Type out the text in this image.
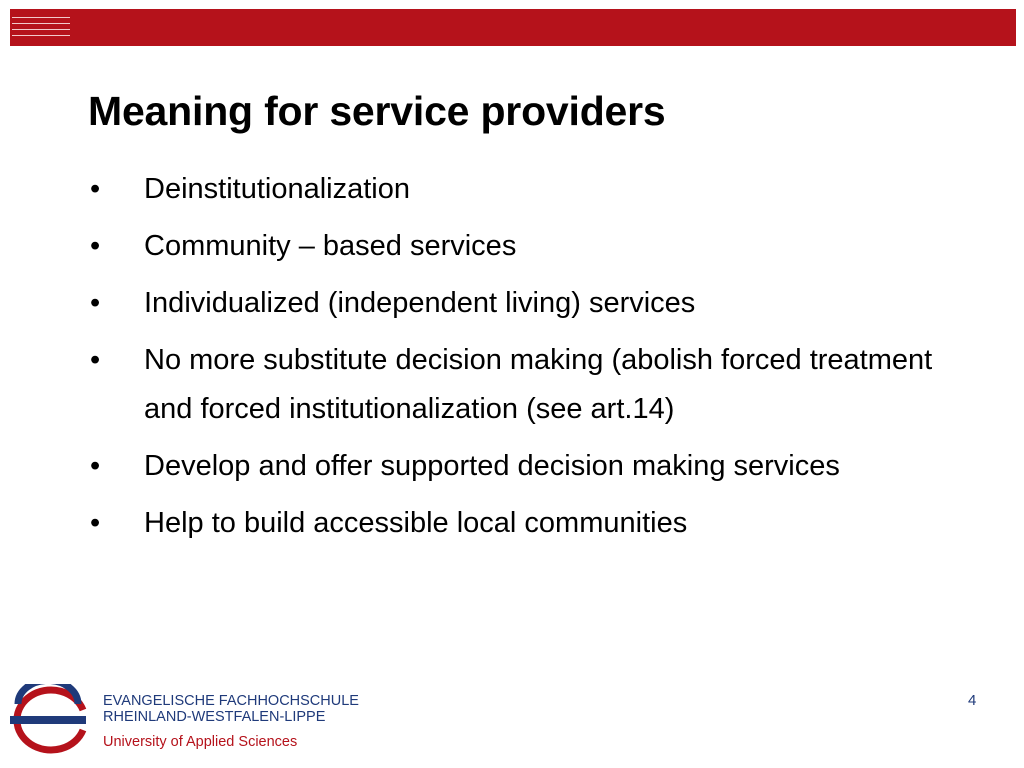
Meaning for service providers
•	Deinstitutionalization
•	Community – based services
•	Individualized (independent living) services
•	No more substitute decision making (abolish forced treatment and forced institutionalization (see art.14)
•	Develop and offer supported decision making services
•	Help to build accessible local communities
EVANGELISCHE FACHHOCHSCHULE
RHEINLAND-WESTFALEN-LIPPE
University of Applied Sciences
4
